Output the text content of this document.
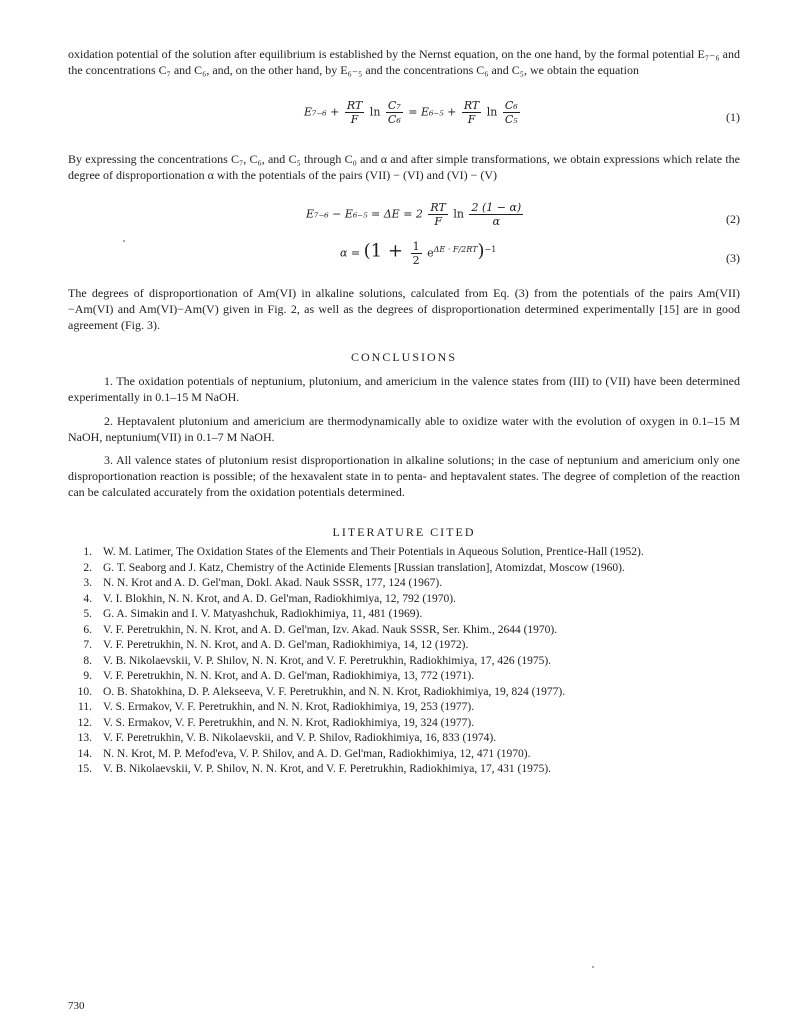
oxidation potential of the solution after equilibrium is established by the Nernst equation, on the one hand, by the formal potential E₇₋₆ and the concentrations C₇ and C₆, and, on the other hand, by E₆₋₅ and the concentrations C₆ and C₅, we obtain the equation

$E_{7-6} + \frac{RT}{F}$ $\ln \frac{\text{C₇}}{\text{C₆}} = E_{6-5} + \frac{RT}{F}$ $\ln \frac{\text{C₆}}{\text{C₅}}$	(1)

By expressing the concentrations C₇, C₆, and C₅ through C₀ and α and after simple transformations, we obtain expressions which relate the degree of disproportionation α with the potentials of the pairs (VII) − (VI) and (VI) − (V)

$E_{7-6} - E_{6-5} = \Delta E = 2 \frac{RT}{F}$ $\ln \frac{2 (1 - \alpha)}{\alpha}$	(2)
$\alpha = (1 + \frac{1}{2} e^{\Delta E \cdot F/2RT})^{-1}$
(3)

The degrees of disproportionation of Am(VI) in alkaline solutions, calculated from Eq. (3) from the potentials of the pairs Am(VII)−Am(VI) and Am(VI)−Am(V) given in Fig. 2, as well as the degrees of disproportionation determined experimentally [15] are in good agreement (Fig. 3).

CONCLUSIONS

1. The oxidation potentials of neptunium, plutonium, and americium in the valence states from (III) to (VII) have been determined experimentally in 0.1–15 M NaOH.

2. Heptavalent plutonium and americium are thermodynamically able to oxidize water with the evolution of oxygen in 0.1–15 M NaOH, neptunium(VII) in 0.1–7 M NaOH.

3. All valence states of plutonium resist disproportionation in alkaline solutions; in the case of neptunium and americium only one disproportionation reaction is possible; of the hexavalent state in to penta- and heptavalent states. The degree of completion of the reaction can be calculated accurately from the oxidation potentials determined.

LITERATURE CITED

1. W. M. Latimer, The Oxidation States of the Elements and Their Potentials in Aqueous Solution, Prentice-Hall (1952).
2. G. T. Seaborg and J. Katz, Chemistry of the Actinide Elements [Russian translation], Atomizdat, Moscow (1960).
3. N. N. Krot and A. D. Gel'man, Dokl. Akad. Nauk SSSR, 177, 124 (1967).
4. V. I. Blokhin, N. N. Krot, and A. D. Gel'man, Radiokhimiya, 12, 792 (1970).
5. G. A. Simakin and I. V. Matyashchuk, Radiokhimiya, 11, 481 (1969).
6. V. F. Peretrukhin, N. N. Krot, and A. D. Gel'man, Izv. Akad. Nauk SSSR, Ser. Khim., 2644 (1970).
7. V. F. Peretrukhin, N. N. Krot, and A. D. Gel'man, Radiokhimiya, 14, 12 (1972).
8. V. B. Nikolaevskii, V. P. Shilov, N. N. Krot, and V. F. Peretrukhin, Radiokhimiya, 17, 426 (1975).
9. V. F. Peretrukhin, N. N. Krot, and A. D. Gel'man, Radiokhimiya, 13, 772 (1971).
10. O. B. Shatokhina, D. P. Alekseeva, V. F. Peretrukhin, and N. N. Krot, Radiokhimiya, 19, 824 (1977).
11. V. S. Ermakov, V. F. Peretrukhin, and N. N. Krot, Radiokhimiya, 19, 253 (1977).
12. V. S. Ermakov, V. F. Peretrukhin, and N. N. Krot, Radiokhimiya, 19, 324 (1977).
13. V. F. Peretrukhin, V. B. Nikolaevskii, and V. P. Shilov, Radiokhimiya, 16, 833 (1974).
14. N. N. Krot, M. P. Mefod'eva, V. P. Shilov, and A. D. Gel'man, Radiokhimiya, 12, 471 (1970).
15. V. B. Nikolaevskii, V. P. Shilov, N. N. Krot, and V. F. Peretrukhin, Radiokhimiya, 17, 431 (1975).
730
